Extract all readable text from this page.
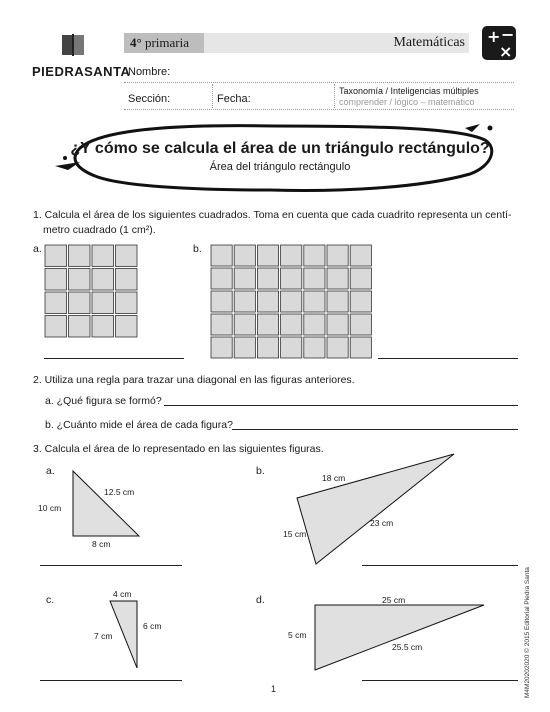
PIEDRASANTA
4° primaria	Matemáticas + −
×
Nombre:
Sección:	Fecha:
Taxonomía / Inteligencias múltiples
comprender / lógico – matemático
¿Y cómo se calcula el área de un triángulo rectángulo?
Área del triángulo rectángulo
1. Calcula el área de los siguientes cuadrados. Toma en cuenta que cada cuadrito representa un centí-
metro cuadrado (1 cm²).
a.	b.
2. Utiliza una regla para trazar una diagonal en las figuras anteriores.
a. ¿Qué figura se formó?
b. ¿Cuánto mide el área de cada figura?
3. Calcula el área de lo representado en las siguientes figuras.
a.
10 cm
12.5 cm
8 cm
b.
18 cm
23 cm
15 cm
c.	4 cm
6 cm
7 cm
d.	25 cm
5 cm
25.5 cm
1	M4M20202020 © 2015 Editorial Piedra Santa
